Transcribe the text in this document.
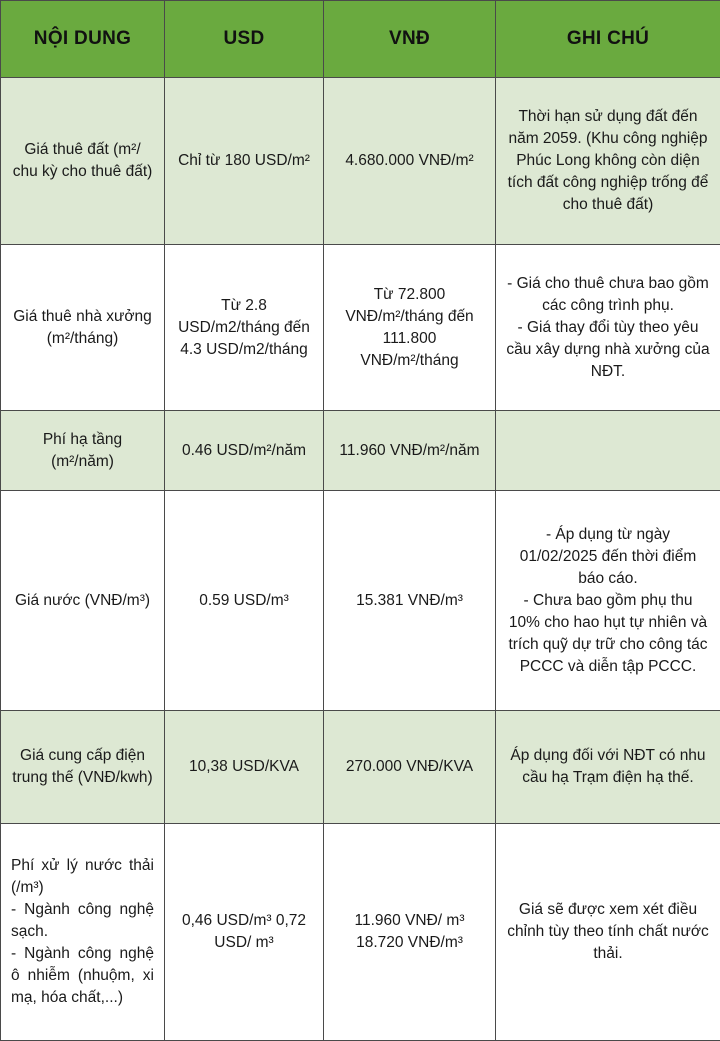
NỘI DUNG	USD	VNĐ	GHI CHÚ
Giá thuê đất (m²/ chu kỳ cho thuê đất)	Chỉ từ 180 USD/m²	4.680.000 VNĐ/m²	Thời hạn sử dụng đất đến năm 2059. (Khu công nghiệp Phúc Long không còn diện tích đất công nghiệp trống để cho thuê đất)
Giá thuê nhà xưởng (m²/tháng)	Từ 2.8 USD/m2/tháng đến 4.3 USD/m2/tháng	Từ 72.800 VNĐ/m²/tháng đến 111.800 VNĐ/m²/tháng	- Giá cho thuê chưa bao gồm các công trình phụ.
- Giá thay đổi tùy theo yêu cầu xây dựng nhà xưởng của NĐT.

Phí hạ tầng (m²/năm)	0.46 USD/m²/năm	11.960 VNĐ/m²/năm	
Giá nước (VNĐ/m³)	0.59 USD/m³	15.381 VNĐ/m³	- Áp dụng từ ngày 01/02/2025 đến thời điểm báo cáo.
- Chưa bao gồm phụ thu 10% cho hao hụt tự nhiên và trích quỹ dự trữ cho công tác PCCC và diễn tập PCCC.

Giá cung cấp điện trung thế (VNĐ/kwh)	10,38 USD/KVA	270.000 VNĐ/KVA	Áp dụng đối với NĐT có nhu cầu hạ Trạm điện hạ thế.

Phí xử lý nước thải (/m³)
- Ngành công nghệ sạch.
- Ngành công nghệ ô nhiễm (nhuộm, xi mạ, hóa chất,...)	0,46 USD/m³ 0,72 USD/ m³	11.960 VNĐ/ m³
18.720 VNĐ/m³	Giá sẽ được xem xét điều chỉnh tùy theo tính chất nước thải.
